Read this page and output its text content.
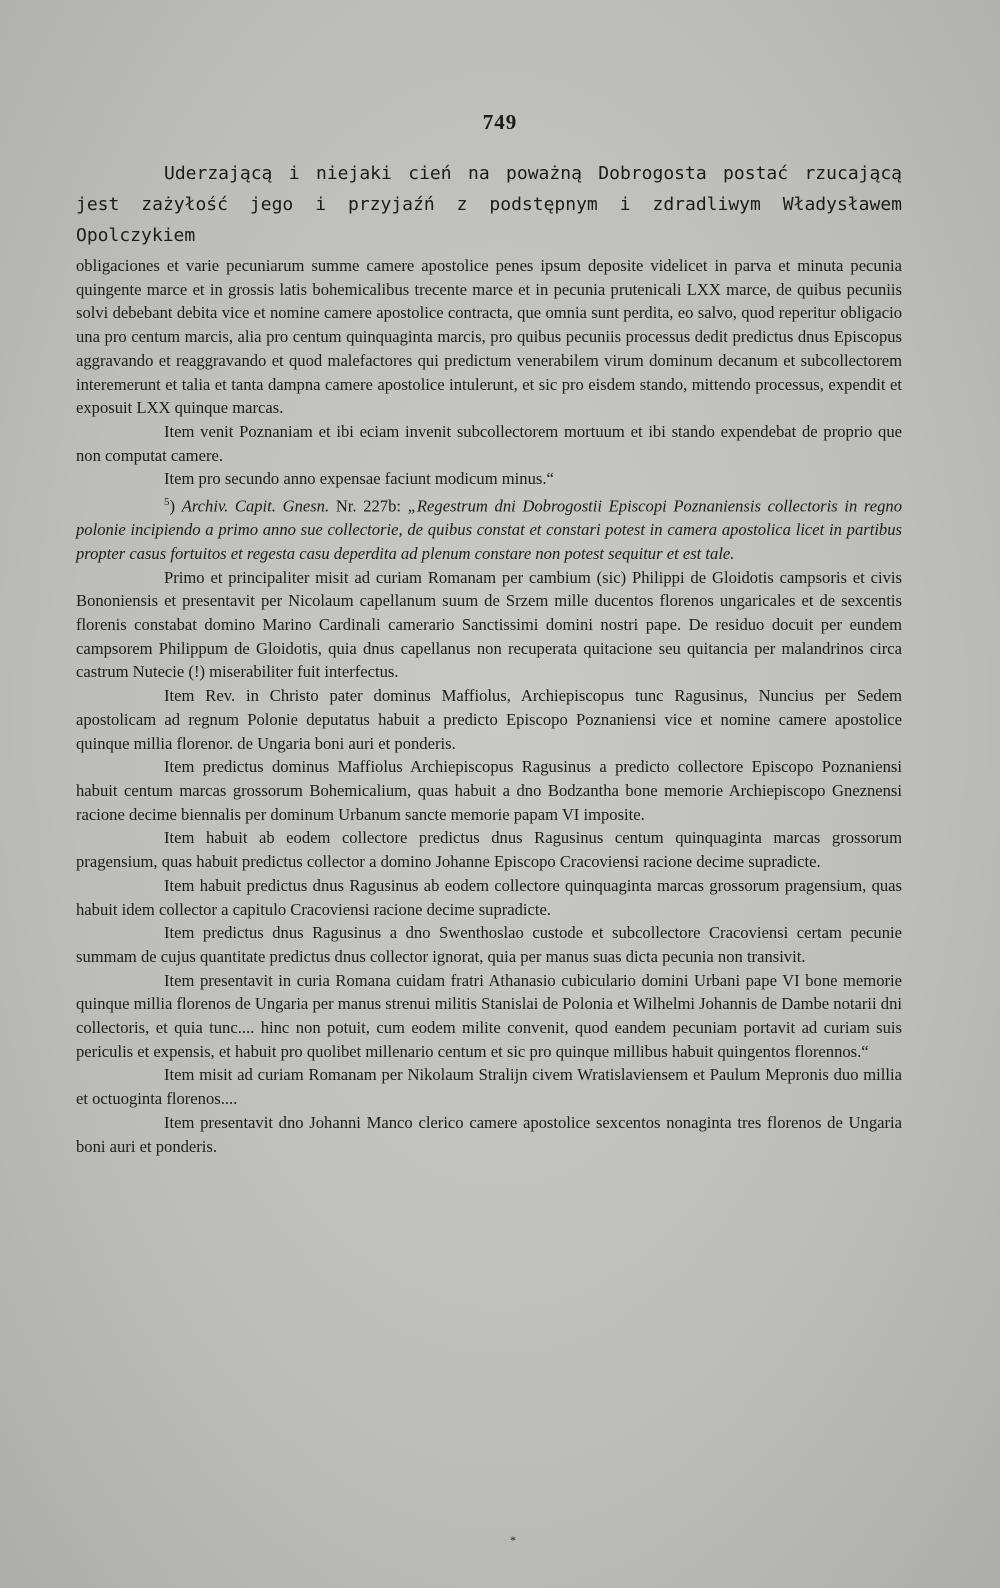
749

Uderzającą i niejaki cień na poważną Dobrogosta postać rzucającą jest zażyłość jego i przyjaźń z podstępnym i zdradliwym Władysławem Opolczykiem

obligaciones et varie pecuniarum summe camere apostolice penes ipsum deposite videlicet in parva et minuta pecunia quingente marce et in grossis latis bohemicalibus trecente marce et in pecunia prutenicali LXX marce, de quibus pecuniis solvi debebant debita vice et nomine camere apostolice contracta, que omnia sunt perdita, eo salvo, quod reperitur obligacio una pro centum marcis, alia pro centum quinquaginta marcis, pro quibus pecuniis processus dedit predictus dnus Episcopus aggravando et reaggravando et quod malefactores qui predictum venerabilem virum dominum decanum et subcollectorem interemerunt et talia et tanta dampna camere apostolice intulerunt, et sic pro eisdem stando, mittendo processus, expendit et exposuit LXX quinque marcas.

Item venit Poznaniam et ibi eciam invenit subcollectorem mortuum et ibi stando expendebat de proprio que non computat camere.

Item pro secundo anno expensae faciunt modicum minus.“

$^5$) Archiv. Capit. Gnesn. Nr. 227b: „Regestrum dni Dobrogostii Episcopi Poznaniensis collectoris in regno polonie incipiendo a primo anno sue collectorie, de quibus constat et constari potest in camera apostolica licet in partibus propter casus fortuitos et regesta casu deperdita ad plenum constare non potest sequitur et est tale.

Primo et principaliter misit ad curiam Romanam per cambium (sic) Philippi de Gloidotis campsoris et civis Bononiensis et presentavit per Nicolaum capellanum suum de Srzem mille ducentos florenos ungaricales et de sexcentis florenis constabat domino Marino Cardinali camerario Sanctissimi domini nostri pape. De residuo docuit per eundem campsorem Philippum de Gloidotis, quia dnus capellanus non recuperata quitacione seu quitancia per malandrinos circa castrum Nutecie (!) miserabiliter fuit interfectus.

Item Rev. in Christo pater dominus Maffiolus, Archiepiscopus tunc Ragusinus, Nuncius per Sedem apostolicam ad regnum Polonie deputatus habuit a predicto Episcopo Poznaniensi vice et nomine camere apostolice quinque millia florenor. de Ungaria boni auri et ponderis.

Item predictus dominus Maffiolus Archiepiscopus Ragusinus a predicto collectore Episcopo Poznaniensi habuit centum marcas grossorum Bohemicalium, quas habuit a dno Bodzantha bone memorie Archiepiscopo Gneznensi racione decime biennalis per dominum Urbanum sancte memorie papam VI imposite.

Item habuit ab eodem collectore predictus dnus Ragusinus centum quinquaginta marcas grossorum pragensium, quas habuit predictus collector a domino Johanne Episcopo Cracoviensi racione decime supradicte.

Item habuit predictus dnus Ragusinus ab eodem collectore quinquaginta marcas grossorum pragensium, quas habuit idem collector a capitulo Cracoviensi racione decime supradicte.

Item predictus dnus Ragusinus a dno Swenthoslao custode et subcollectore Cracoviensi certam pecunie summam de cujus quantitate predictus dnus collector ignorat, quia per manus suas dicta pecunia non transivit.

Item presentavit in curia Romana cuidam fratri Athanasio cubiculario domini Urbani pape VI bone memorie quinque millia florenos de Ungaria per manus strenui militis Stanislai de Polonia et Wilhelmi Johannis de Dambe notarii dni collectoris, et quia tunc.... hinc non potuit, cum eodem milite convenit, quod eandem pecuniam portavit ad curiam suis periculis et expensis, et habuit pro quolibet millenario centum et sic pro quinque millibus habuit quingentos florennos.“

Item misit ad curiam Romanam per Nikolaum Stralijn civem Wratislaviensem et Paulum Mepronis duo millia et octuoginta florenos....

Item presentavit dno Johanni Manco clerico camere apostolice sexcentos nonaginta tres florenos de Ungaria boni auri et ponderis.

*
